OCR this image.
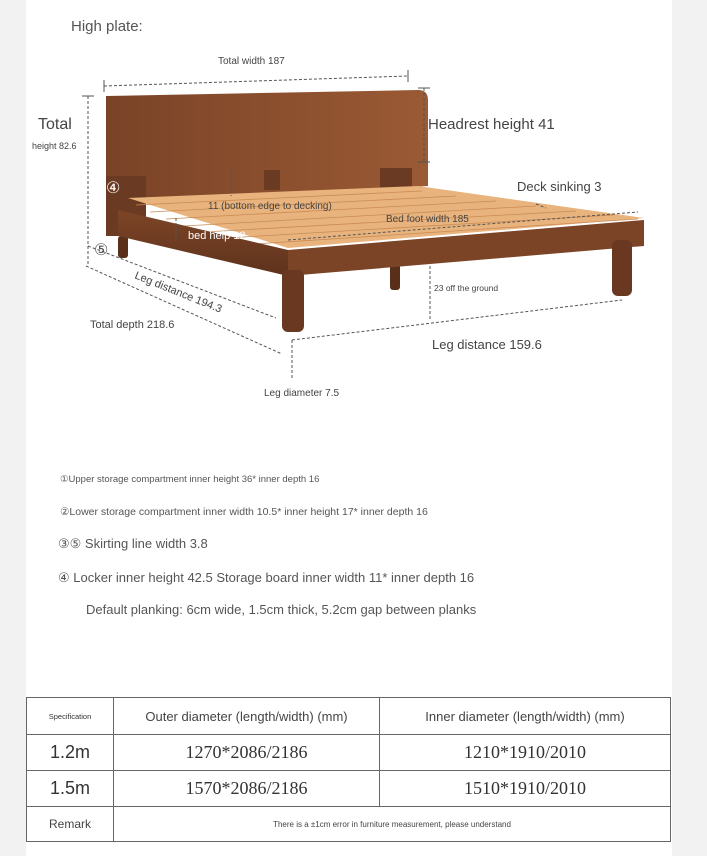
High plate:
Total width 187
Total
height 82.6
Headrest height 41
Deck sinking 3
11 (bottom edge to decking)
Bed foot width 185
bed help 12
Leg distance 194.3	23 off the ground
Total depth 218.6
Leg distance 159.6
Leg diameter 7.5
④
⑤
①Upper storage compartment inner height 36* inner depth 16
②Lower storage compartment inner width 10.5* inner height 17* inner depth 16
③⑤ Skirting line width 3.8
④ Locker inner height 42.5 Storage board inner width 11* inner depth 16
Default planking: 6cm wide, 1.5cm thick, 5.2cm gap between planks
Specification	Outer diameter (length/width) (mm)	Inner diameter (length/width) (mm)
1.2m	1270*2086/2186	1210*1910/2010
1.5m	1570*2086/2186	1510*1910/2010
Remark	There is a ±1cm error in furniture measurement, please understand	
